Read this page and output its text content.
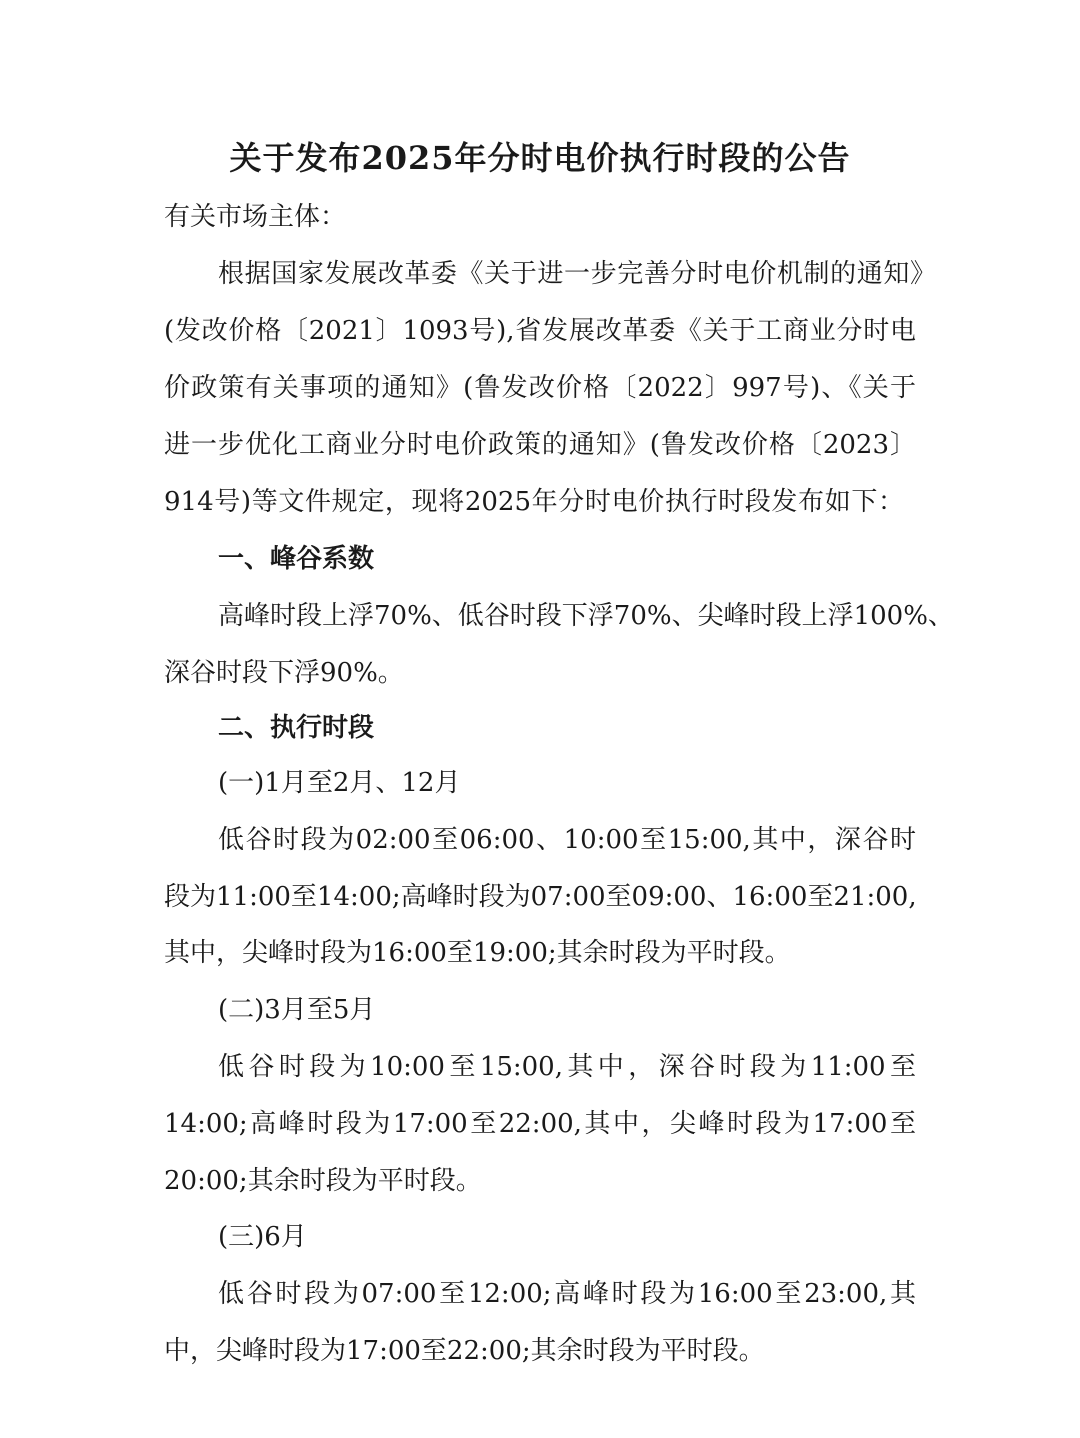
关于发布2025年分时电价执行时段的公告
有关市场主体：
根据国家发展改革委《关于进一步完善分时电价机制的通知》
(发改价格〔2021〕1093号),省发展改革委《关于工商业分时电
价政策有关事项的通知》(鲁发改价格〔2022〕997号)、《关于
进一步优化工商业分时电价政策的通知》(鲁发改价格〔2023〕
914号)等文件规定，现将2025年分时电价执行时段发布如下：
一、峰谷系数
高峰时段上浮70%、低谷时段下浮70%、尖峰时段上浮100%、
深谷时段下浮90%。
二、执行时段
(一)1月至2月、12月
低谷时段为02:00至06:00、10:00至15:00,其中，深谷时
段为11:00至14:00;高峰时段为07:00至09:00、16:00至21:00,
其中，尖峰时段为16:00至19:00;其余时段为平时段。
(二)3月至5月
低谷时段为10:00至15:00,其中，深谷时段为11:00至
14:00;高峰时段为17:00至22:00,其中，尖峰时段为17:00至
20:00;其余时段为平时段。
(三)6月
低谷时段为07:00至12:00;高峰时段为16:00至23:00,其
中，尖峰时段为17:00至22:00;其余时段为平时段。
